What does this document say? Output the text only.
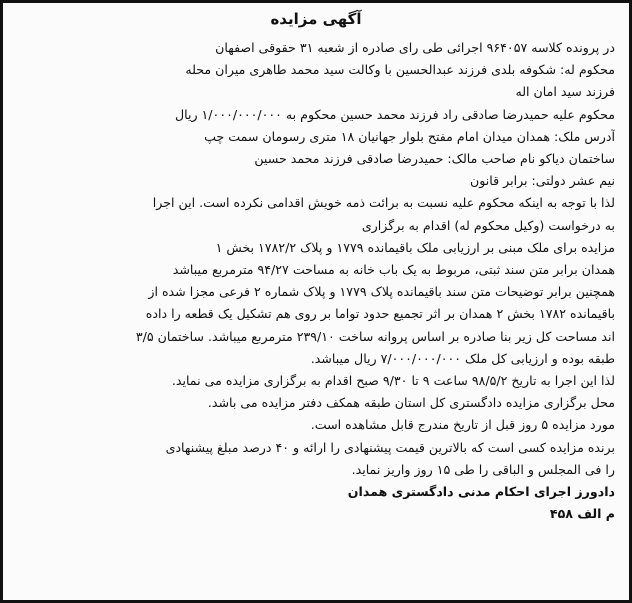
آگهی مزایده
در پرونده کلاسه ۹۶۴۰۵۷ اجرائی طی رای صادره از شعبه ۳۱ حقوقی اصفهان
محکوم له: شکوفه بلدی فرزند عبدالحسین با وکالت سید محمد طاهری میران محله
فرزند سید امان اله
محکوم علیه حمیدرضا صادقی راد فرزند محمد حسین محکوم به ۱/۰۰۰/۰۰۰/۰۰۰ ریال
آدرس ملک: همدان میدان امام مفتح بلوار جهانیان ۱۸ متری رسومان سمت چپ
ساختمان دیاکو نام صاحب مالک: حمیدرضا صادقی فرزند محمد حسین
نیم عشر دولتی: برابر قانون
لذا با توجه به اینکه محکوم علیه نسبت به برائت ذمه خویش اقدامی نکرده است. این اجرا
به درخواست (وکیل محکوم له) اقدام به برگزاری
مزایده برای ملک مبنی بر ارزیابی ملک باقیمانده ۱۷۷۹ و پلاک ۱۷۸۲/۲ بخش ۱
همدان برابر متن سند ثبتی، مربوط به یک باب خانه به مساحت ۹۴/۲۷ مترمربع میباشد
همچنین برابر توضیحات متن سند باقیمانده پلاک ۱۷۷۹ و پلاک شماره ۲ فرعی مجزا شده از
باقیمانده ۱۷۸۲ بخش ۲ همدان بر اثر تجمیع حدود تواما بر روی هم تشکیل یک قطعه را داده
اند مساحت کل زیر بنا صادره بر اساس پروانه ساخت ۲۳۹/۱۰ مترمربع میباشد. ساختمان ۳/۵
طبقه بوده و ارزیابی کل ملک ۷/۰۰۰/۰۰۰/۰۰۰ ریال میباشد.
لذا این اجرا به تاریخ ۹۸/۵/۲ ساعت ۹ تا ۹/۳۰ صبح اقدام به برگزاری مزایده می نماید.
محل برگزاری مزایده دادگستری کل استان طبقه همکف دفتر مزایده می باشد.
مورد مزایده ۵ روز قبل از تاریخ مندرج قابل مشاهده است.
برنده مزایده کسی است که بالاترین قیمت پیشنهادی را ارائه و ۴۰ درصد مبلغ پیشنهادی
را فی المجلس و الباقی را طی ۱۵ روز واریز نماید.
دادورز اجرای احکام مدنی دادگستری همدان
م الف ۴۵۸
